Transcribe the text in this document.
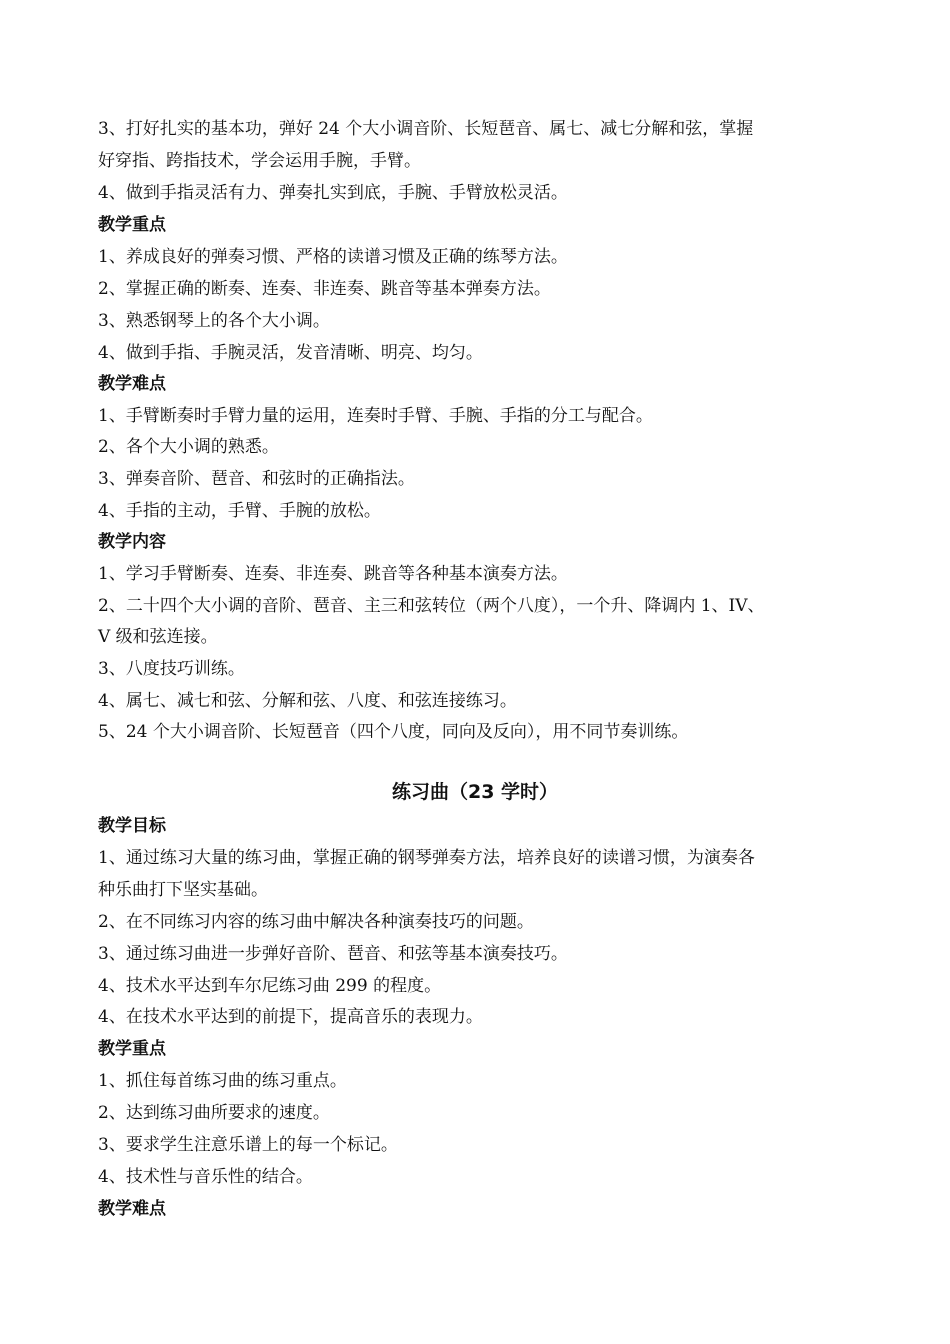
3、打好扎实的基本功，弹好 24 个大小调音阶、长短琶音、属七、减七分解和弦，掌握
好穿指、跨指技术，学会运用手腕，手臂。
4、做到手指灵活有力、弹奏扎实到底，手腕、手臂放松灵活。
教学重点
1、养成良好的弹奏习惯、严格的读谱习惯及正确的练琴方法。
2、掌握正确的断奏、连奏、非连奏、跳音等基本弹奏方法。
3、熟悉钢琴上的各个大小调。
4、做到手指、手腕灵活，发音清晰、明亮、均匀。
教学难点
1、手臂断奏时手臂力量的运用，连奏时手臂、手腕、手指的分工与配合。
2、各个大小调的熟悉。
3、弹奏音阶、琶音、和弦时的正确指法。
4、手指的主动，手臂、手腕的放松。
教学内容
1、学习手臂断奏、连奏、非连奏、跳音等各种基本演奏方法。
2、二十四个大小调的音阶、琶音、主三和弦转位（两个八度），一个升、降调内 1、IV、
V 级和弦连接。
3、八度技巧训练。
4、属七、减七和弦、分解和弦、八度、和弦连接练习。
5、24 个大小调音阶、长短琶音（四个八度，同向及反向），用不同节奏训练。
练习曲（23 学时）
教学目标
1、通过练习大量的练习曲，掌握正确的钢琴弹奏方法，培养良好的读谱习惯，为演奏各
种乐曲打下坚实基础。
2、在不同练习内容的练习曲中解决各种演奏技巧的问题。
3、通过练习曲进一步弹好音阶、琶音、和弦等基本演奏技巧。
4、技术水平达到车尔尼练习曲 299 的程度。
4、在技术水平达到的前提下，提高音乐的表现力。
教学重点
1、抓住每首练习曲的练习重点。
2、达到练习曲所要求的速度。
3、要求学生注意乐谱上的每一个标记。
4、技术性与音乐性的结合。
教学难点
